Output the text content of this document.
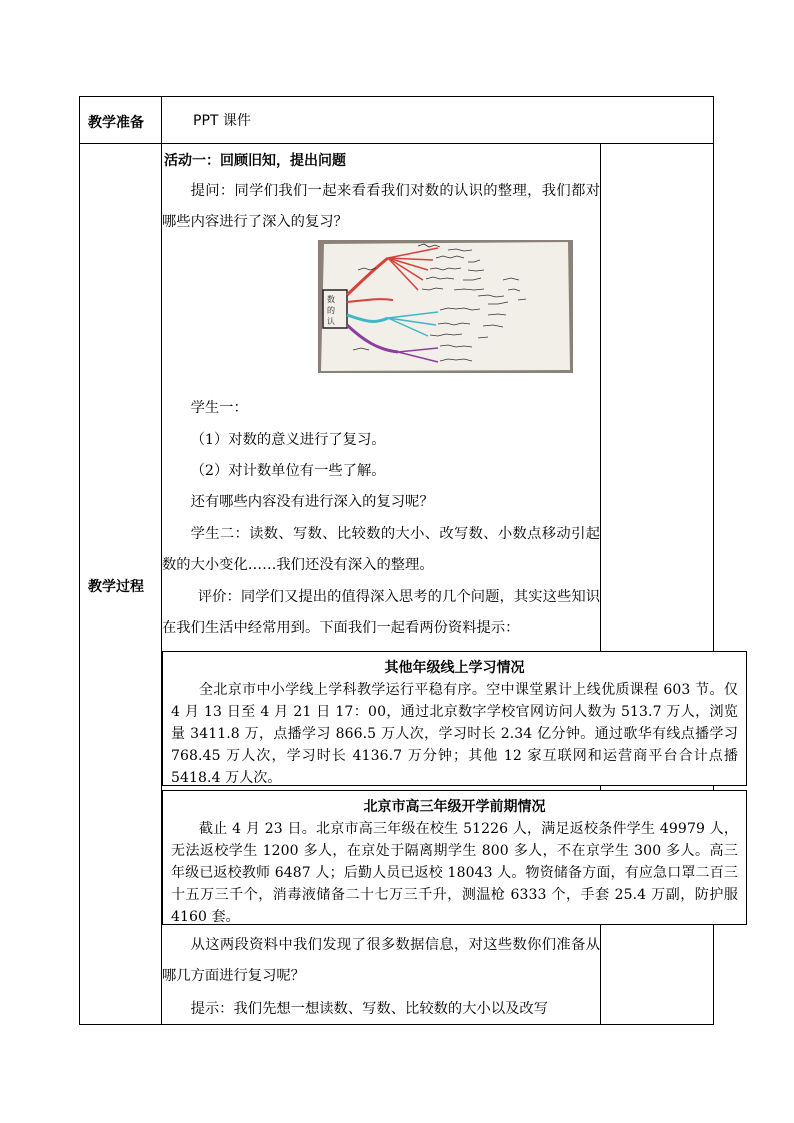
教学准备	PPT 课件
教学过程
活动一：回顾旧知，提出问题
提问：同学们我们一起来看看我们对数的认识的整理，我们都对哪些内容进行了深入的复习？
数
的
认
学生一：
（1）对数的意义进行了复习。
（2）对计数单位有一些了解。
还有哪些内容没有进行深入的复习呢？
学生二：读数、写数、比较数的大小、改写数、小数点移动引起数的大小变化……我们还没有深入的整理。
评价：同学们又提出的值得深入思考的几个问题，其实这些知识在我们生活中经常用到。下面我们一起看两份资料提示：
其他年级线上学习情况
全北京市中小学线上学科教学运行平稳有序。空中课堂累计上线优质课程 603 节。仅 4 月 13 日至 4 月 21 日 17：00，通过北京数字学校官网访问人数为 513.7 万人，浏览量 3411.8 万，点播学习 866.5 万人次，学习时长 2.34 亿分钟。通过歌华有线点播学习 768.45 万人次，学习时长 4136.7 万分钟；其他 12 家互联网和运营商平台合计点播 5418.4 万人次。
北京市高三年级开学前期情况
截止 4 月 23 日。北京市高三年级在校生 51226 人，满足返校条件学生 49979 人，无法返校学生 1200 多人，在京处于隔离期学生 800 多人，不在京学生 300 多人。高三年级已返校教师 6487 人；后勤人员已返校 18043 人。物资储备方面，有应急口罩二百三十五万三千个，消毒液储备二十七万三千升，测温枪 6333 个，手套 25.4 万副，防护服 4160 套。
从这两段资料中我们发现了很多数据信息，对这些数你们准备从哪几方面进行复习呢？
提示：我们先想一想读数、写数、比较数的大小以及改写
